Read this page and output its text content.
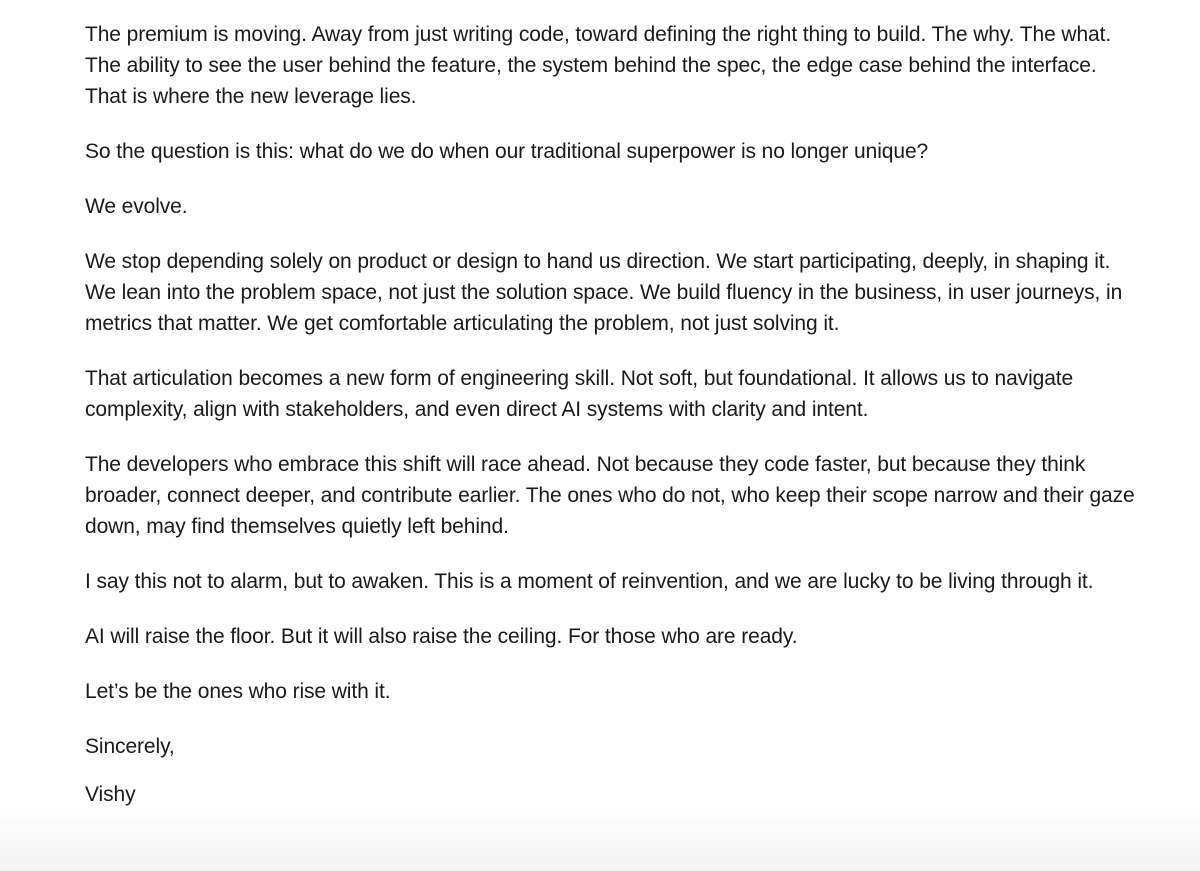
The premium is moving. Away from just writing code, toward defining the right thing to build. The why. The what. The ability to see the user behind the feature, the system behind the spec, the edge case behind the interface. That is where the new leverage lies.

So the question is this: what do we do when our traditional superpower is no longer unique?

We evolve.

We stop depending solely on product or design to hand us direction. We start participating, deeply, in shaping it. We lean into the problem space, not just the solution space. We build fluency in the business, in user journeys, in metrics that matter. We get comfortable articulating the problem, not just solving it.

That articulation becomes a new form of engineering skill. Not soft, but foundational. It allows us to navigate complexity, align with stakeholders, and even direct AI systems with clarity and intent.

The developers who embrace this shift will race ahead. Not because they code faster, but because they think broader, connect deeper, and contribute earlier. The ones who do not, who keep their scope narrow and their gaze down, may find themselves quietly left behind.

I say this not to alarm, but to awaken. This is a moment of reinvention, and we are lucky to be living through it.

AI will raise the floor. But it will also raise the ceiling. For those who are ready.

Let’s be the ones who rise with it.

Sincerely,

Vishy
